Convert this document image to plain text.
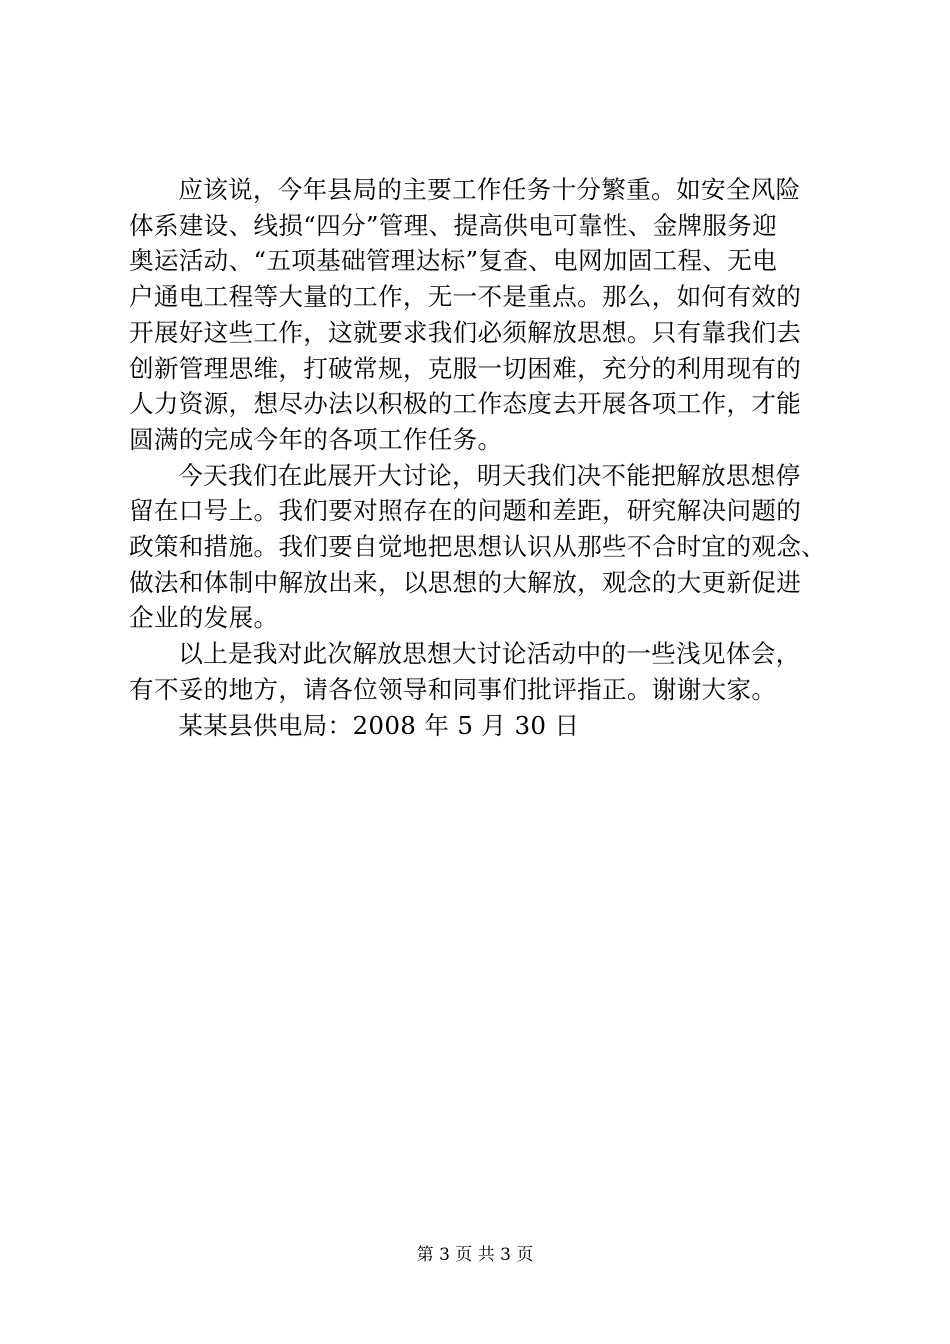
应该说，今年县局的主要工作任务十分繁重。如安全风险
体系建设、线损“四分”管理、提高供电可靠性、金牌服务迎
奥运活动、“五项基础管理达标”复查、电网加固工程、无电
户通电工程等大量的工作，无一不是重点。那么，如何有效的
开展好这些工作，这就要求我们必须解放思想。只有靠我们去
创新管理思维，打破常规，克服一切困难，充分的利用现有的
人力资源，想尽办法以积极的工作态度去开展各项工作，才能
圆满的完成今年的各项工作任务。

今天我们在此展开大讨论，明天我们决不能把解放思想停
留在口号上。我们要对照存在的问题和差距，研究解决问题的
政策和措施。我们要自觉地把思想认识从那些不合时宜的观念、
做法和体制中解放出来，以思想的大解放，观念的大更新促进
企业的发展。

以上是我对此次解放思想大讨论活动中的一些浅见体会，
有不妥的地方，请各位领导和同事们批评指正。谢谢大家。

某某县供电局：2008 年 5 月 30 日

第 3 页 共 3 页
